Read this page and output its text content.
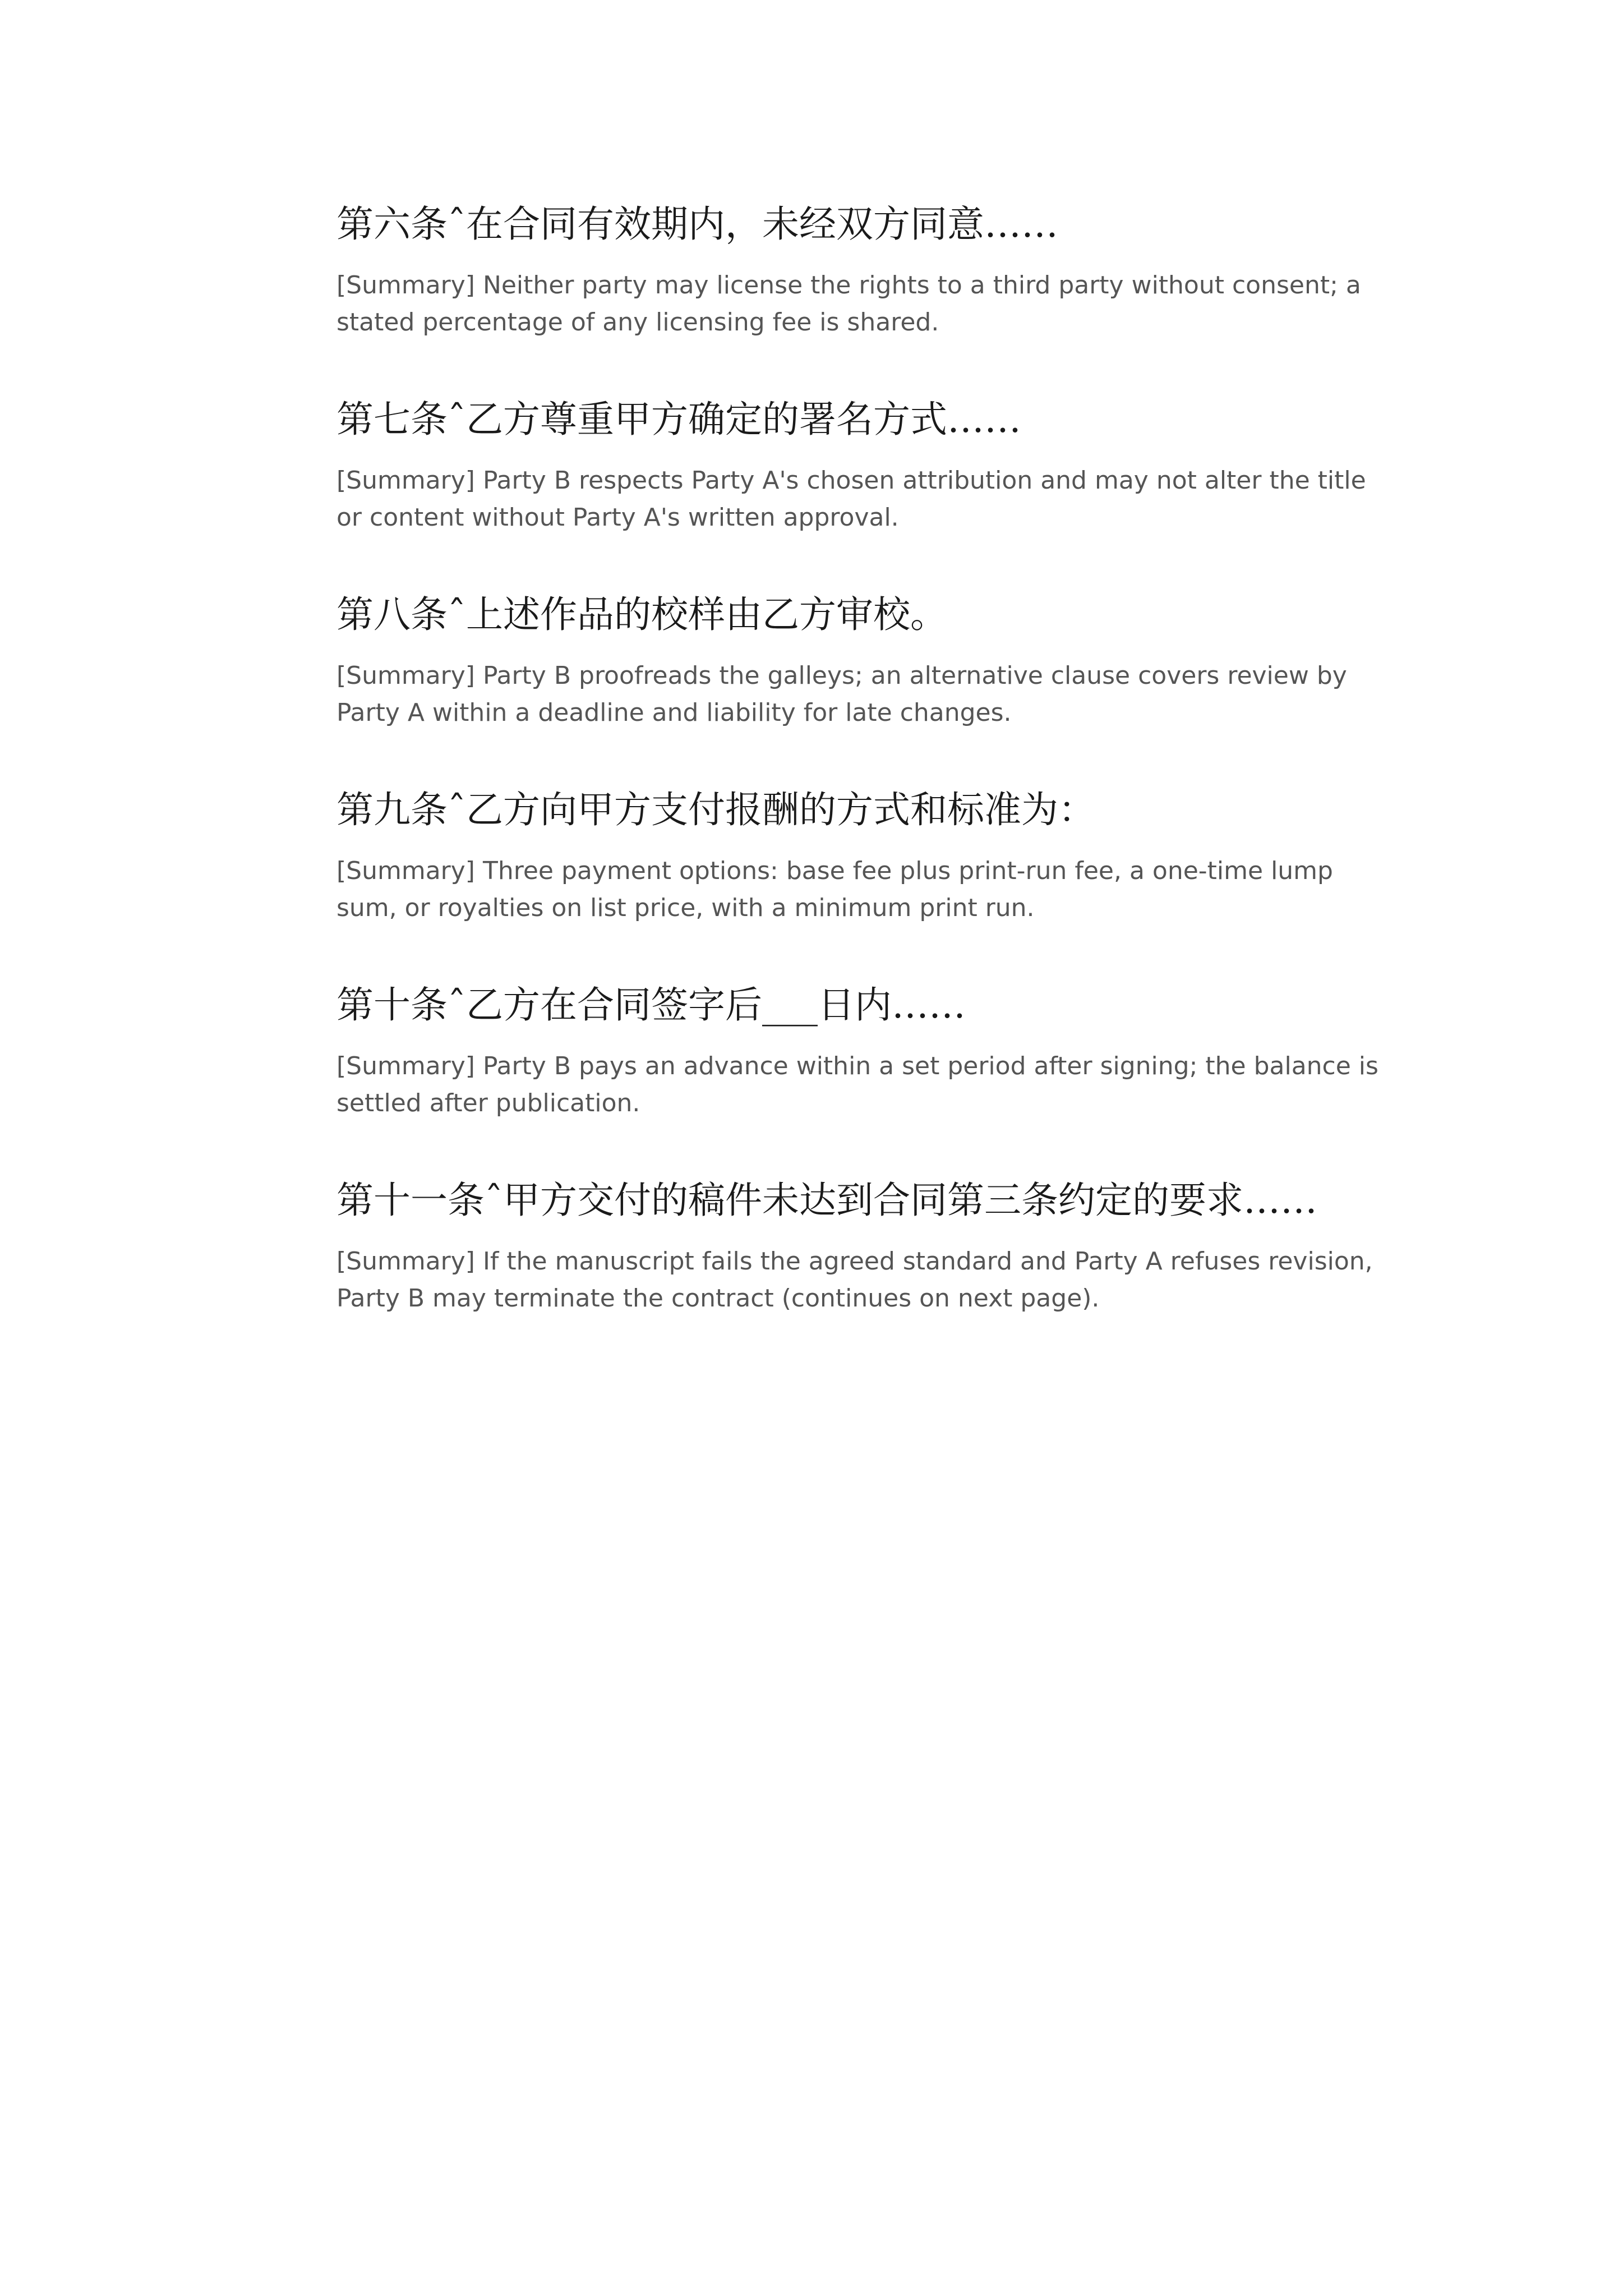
第六条ˆ在合同有效期内，未经双方同意……

[Summary] Neither party may license the rights to a third party without consent; a stated percentage of any licensing fee is shared.

第七条ˆ乙方尊重甲方确定的署名方式……

[Summary] Party B respects Party A's chosen attribution and may not alter the title or content without Party A's written approval.

第八条ˆ上述作品的校样由乙方审校。

[Summary] Party B proofreads the galleys; an alternative clause covers review by Party A within a deadline and liability for late changes.

第九条ˆ乙方向甲方支付报酬的方式和标准为：

[Summary] Three payment options: base fee plus print-run fee, a one-time lump sum, or royalties on list price, with a minimum print run.

第十条ˆ乙方在合同签字后___日内……

[Summary] Party B pays an advance within a set period after signing; the balance is settled after publication.

第十一条ˆ甲方交付的稿件未达到合同第三条约定的要求……

[Summary] If the manuscript fails the agreed standard and Party A refuses revision, Party B may terminate the contract (continues on next page).
